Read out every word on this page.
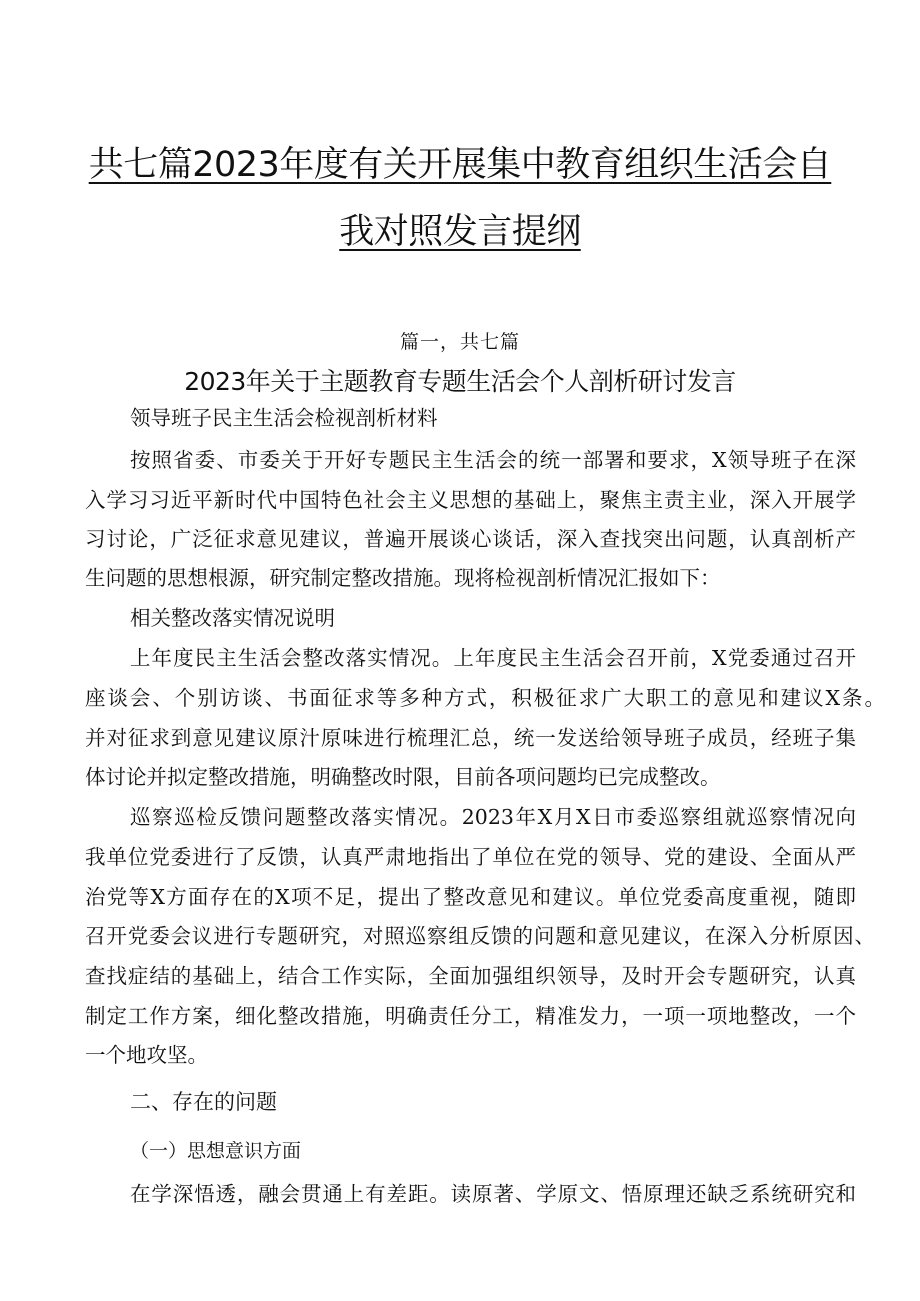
共七篇2023年度有关开展集中教育组织生活会自
我对照发言提纲
篇一，共七篇
2023年关于主题教育专题生活会个人剖析研讨发言
领导班子民主生活会检视剖析材料
按照省委、市委关于开好专题民主生活会的统一部署和要求，X领导班子在深
入学习习近平新时代中国特色社会主义思想的基础上，聚焦主责主业，深入开展学
习讨论，广泛征求意见建议，普遍开展谈心谈话，深入查找突出问题，认真剖析产
生问题的思想根源，研究制定整改措施。现将检视剖析情况汇报如下：
相关整改落实情况说明
上年度民主生活会整改落实情况。上年度民主生活会召开前，X党委通过召开
座谈会、个别访谈、书面征求等多种方式，积极征求广大职工的意见和建议X条。
并对征求到意见建议原汁原味进行梳理汇总，统一发送给领导班子成员，经班子集
体讨论并拟定整改措施，明确整改时限，目前各项问题均已完成整改。
巡察巡检反馈问题整改落实情况。2023年X月X日市委巡察组就巡察情况向
我单位党委进行了反馈，认真严肃地指出了单位在党的领导、党的建设、全面从严
治党等X方面存在的X项不足，提出了整改意见和建议。单位党委高度重视，随即
召开党委会议进行专题研究，对照巡察组反馈的问题和意见建议，在深入分析原因、
查找症结的基础上，结合工作实际，全面加强组织领导，及时开会专题研究，认真
制定工作方案，细化整改措施，明确责任分工，精准发力，一项一项地整改，一个
一个地攻坚。
二、存在的问题
（一）思想意识方面
在学深悟透，融会贯通上有差距。读原著、学原文、悟原理还缺乏系统研究和
